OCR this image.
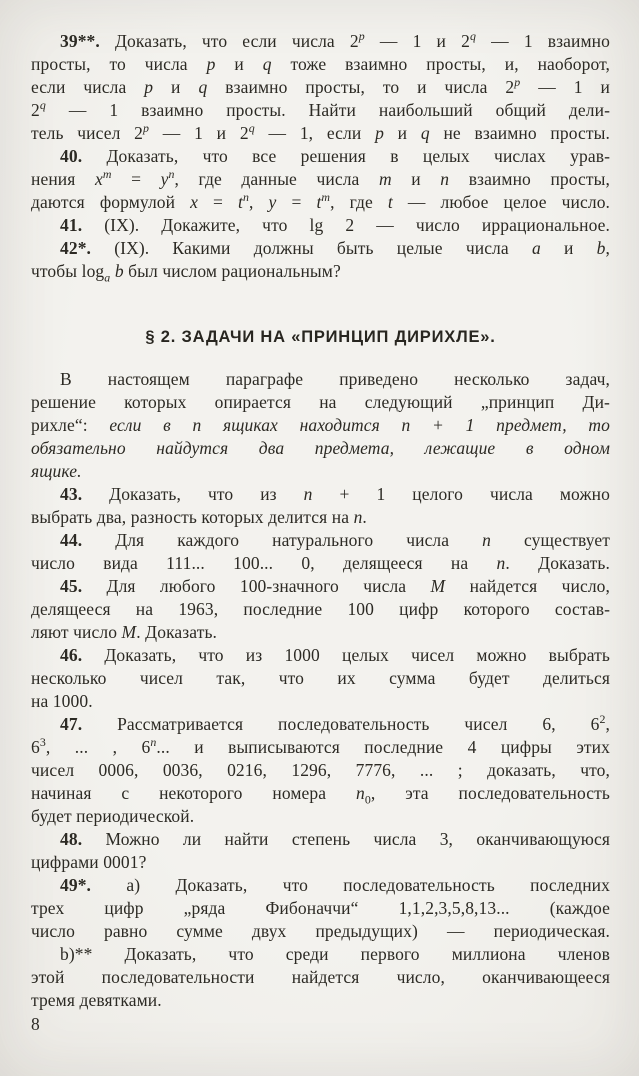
39**. Доказать, что если числа 2$^p$ — 1 и 2$^q$ — 1 взаимно
просты, то числа p и q тоже взаимно просты, и, наоборот,
если числа p и q взаимно просты, то и числа 2$^p$ — 1 и
2$^q$ — 1 взаимно просты. Найти наибольший общий дели-
тель чисел 2$^p$ — 1 и 2$^q$ — 1, если p и q не взаимно просты.
40. Доказать, что все решения в целых числах урав-
нения $x^m = y^n$, где данные числа m и n взаимно просты,
даются формулой $x = t^n$, $y = t^m$, где t — любое целое число.
41. (IX). Докажите, что lg 2 — число иррациональное.
42*. (IX). Какими должны быть целые числа a и b,
чтобы $\log_a b$ был числом рациональным?
§ 2. ЗАДАЧИ НА «ПРИНЦИП ДИРИХЛЕ».
В настоящем параграфе приведено несколько задач,
решение которых опирается на следующий „принцип Ди-
рихле“: если в n ящиках находится n + 1 предмет, то
обязательно найдутся два предмета, лежащие в одном
ящике.
43. Доказать, что из n + 1 целого числа можно
выбрать два, разность которых делится на n.
44. Для каждого натурального числа n существует
число вида 111... 100... 0, делящееся на n. Доказать.
45. Для любого 100-значного числа M найдется число,
делящееся на 1963, последние 100 цифр которого состав-
ляют число M. Доказать.
46. Доказать, что из 1000 целых чисел можно выбрать
несколько чисел так, что их сумма будет делиться
на 1000.
47. Рассматривается последовательность чисел 6, $6^2$,
$6^3$, ... , 6$^n$... и выписываются последние 4 цифры этих
чисел 0006, 0036, 0216, 1296, 7776, ... ; доказать, что,
начиная с некоторого номера $n_0$, эта последовательность
будет периодической.
48. Можно ли найти степень числа 3, оканчивающуюся
цифрами 0001?
49*. а) Доказать, что последовательность последних
трех цифр „ряда Фибоначчи“ 1,1,2,3,5,8,13... (каждое
число равно сумме двух предыдущих) — периодическая.
b)** Доказать, что среди первого миллиона членов
этой последовательности найдется число, оканчивающееся
тремя девятками.
8
